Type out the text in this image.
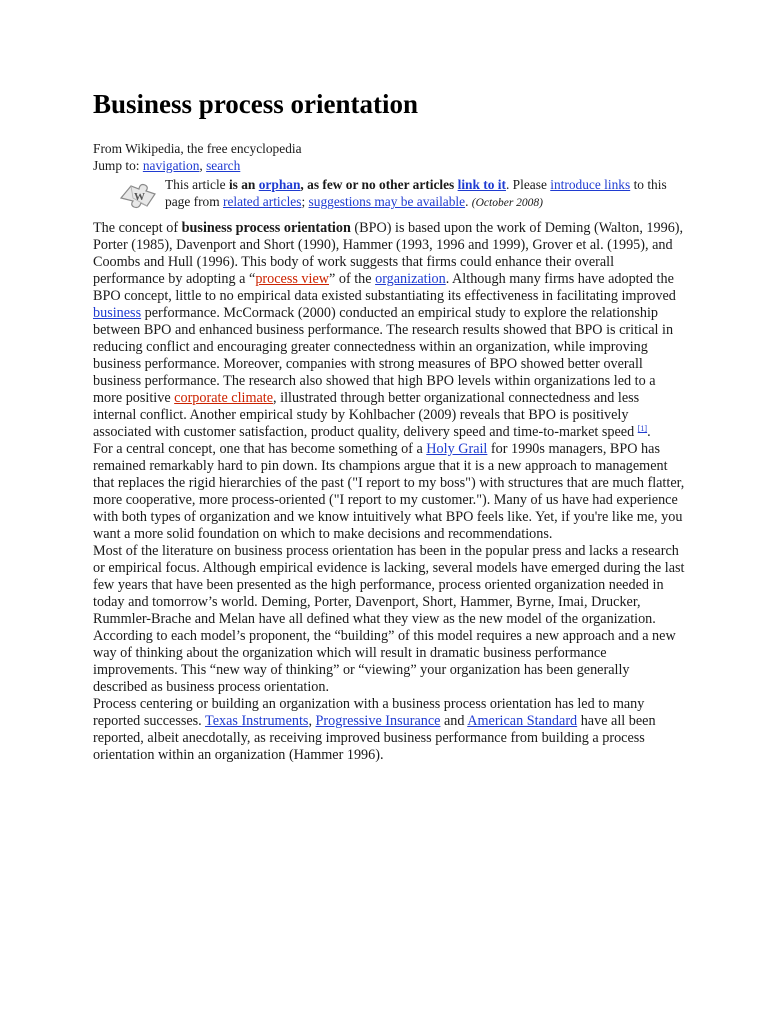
Business process orientation

From Wikipedia, the free encyclopedia

Jump to: navigation, search

W
This article is an orphan, as few or no other articles link to it. Please introduce links to this page from related articles; suggestions may be available. (October 2008)

The concept of business process orientation (BPO) is based upon the work of Deming (Walton, 1996), Porter (1985), Davenport and Short (1990), Hammer (1993, 1996 and 1999), Grover et al. (1995), and Coombs and Hull (1996). This body of work suggests that firms could enhance their overall performance by adopting a “process view” of the organization. Although many firms have adopted the BPO concept, little to no empirical data existed substantiating its effectiveness in facilitating improved business performance. McCormack (2000) conducted an empirical study to explore the relationship between BPO and enhanced business performance. The research results showed that BPO is critical in reducing conflict and encouraging greater connectedness within an organization, while improving business performance. Moreover, companies with strong measures of BPO showed better overall business performance. The research also showed that high BPO levels within organizations led to a more positive corporate climate, illustrated through better organizational connectedness and less internal conflict. Another empirical study by Kohlbacher (2009) reveals that BPO is positively associated with customer satisfaction, product quality, delivery speed and time-to-market speed [1].

For a central concept, one that has become something of a Holy Grail for 1990s managers, BPO has remained remarkably hard to pin down. Its champions argue that it is a new approach to management that replaces the rigid hierarchies of the past ("I report to my boss") with structures that are much flatter, more cooperative, more process-oriented ("I report to my customer."). Many of us have had experience with both types of organization and we know intuitively what BPO feels like. Yet, if you're like me, you want a more solid foundation on which to make decisions and recommendations.

Most of the literature on business process orientation has been in the popular press and lacks a research or empirical focus. Although empirical evidence is lacking, several models have emerged during the last few years that have been presented as the high performance, process oriented organization needed in today and tomorrow’s world. Deming, Porter, Davenport, Short, Hammer, Byrne, Imai, Drucker, Rummler-Brache and Melan have all defined what they view as the new model of the organization. According to each model’s proponent, the “building” of this model requires a new approach and a new way of thinking about the organization which will result in dramatic business performance improvements. This “new way of thinking” or “viewing” your organization has been generally described as business process orientation.

Process centering or building an organization with a business process orientation has led to many reported successes. Texas Instruments, Progressive Insurance and American Standard have all been reported, albeit anecdotally, as receiving improved business performance from building a process orientation within an organization (Hammer 1996).
